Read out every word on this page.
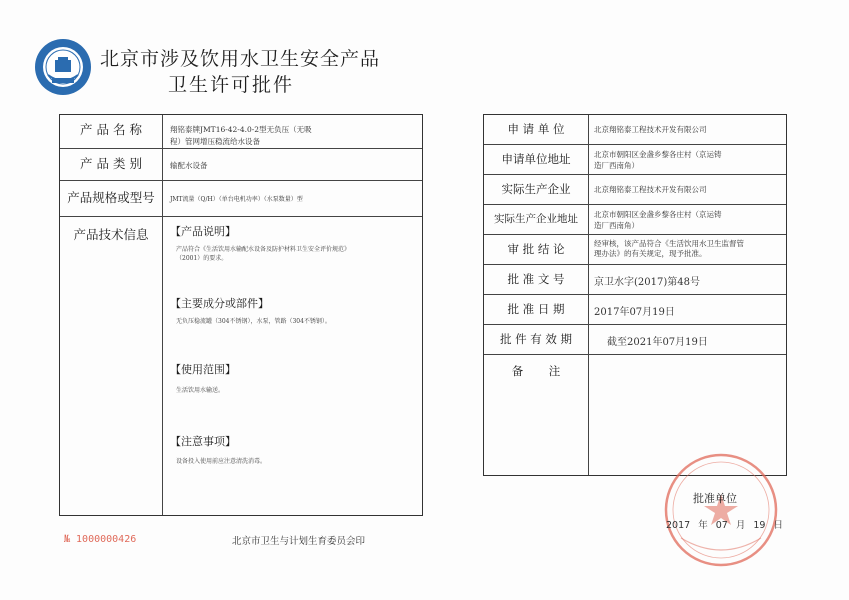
北京市涉及饮用水卫生安全产品
卫生许可批件
产 品 名 称	翔铭泰牌JMT16-42-4.0-2型无负压（无吸程）管网增压稳流给水设备
产 品 类 别	输配水设备
产品规格或型号	JMT流量（Q/H）（单台电机功率）（水泵数量）型
产品技术信息	【产品说明】
产品符合《生活饮用水输配水设备及防护材料卫生安全评价规范》（2001）的要求。
【主要成分或部件】
无负压稳流罐（304不锈钢），水泵，管路（304不锈钢）。
【使用范围】
生活饮用水输送。
【注意事项】
设备投入使用前应注意清洗消毒。
申 请 单 位	北京翔铭泰工程技术开发有限公司
申请单位地址	北京市朝阳区金盏乡黎各庄村（京运铸造厂西南角）
实际生产企业	北京翔铭泰工程技术开发有限公司
实际生产企业地址	北京市朝阳区金盏乡黎各庄村（京运铸造厂西南角）
审 批 结 论	经审核，该产品符合《生活饮用水卫生监督管理办法》的有关规定，现予批准。
批 准 文 号	京卫水字(2017)第48号
批 准 日 期	2017年07月19日
批 件 有 效 期	截至2021年07月19日
备       注
№ 1000000426	北京市卫生与计划生育委员会印
批准单位
2017 年 07 月 19 日
